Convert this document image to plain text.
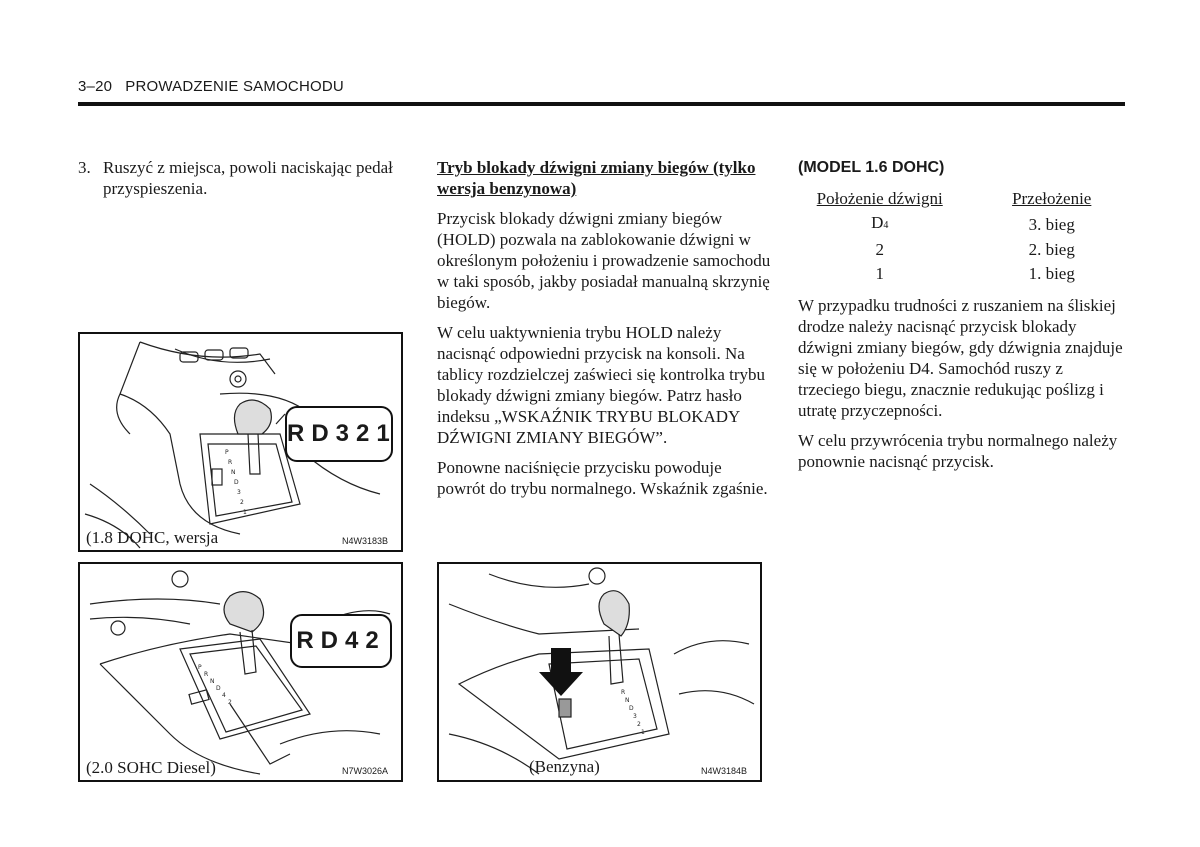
3–20 PROWADZENIE SAMOCHODU
3. Ruszyć z miejsca, powoli naciskając pedał przyspieszenia.

Tryb blokady dźwigni zmiany biegów (tylko wersja benzynowa)

Przycisk blokady dźwigni zmiany biegów (HOLD) pozwala na zablokowanie dźwigni w określonym położeniu i prowadzenie samochodu w taki sposób, jakby posiadał manualną skrzynię biegów.

W celu uaktywnienia trybu HOLD należy nacisnąć odpowiedni przycisk na konsoli. Na tablicy rozdzielczej zaświeci się kontrolka trybu blokady dźwigni zmiany biegów. Patrz hasło indeksu „WSKAŹNIK TRYBU BLOKADY DŹWIGNI ZMIANY BIEGÓW”.

Ponowne naciśnięcie przycisku powoduje powrót do trybu normalnego. Wskaźnik zgaśnie.

(MODEL 1.6 DOHC)
Położenie dźwigni	Przełożenie
D4	3. bieg
2	2. bieg
1	1. bieg

W przypadku trudności z ruszaniem na śliskiej drodze należy nacisnąć przycisk blokady dźwigni zmiany biegów, gdy dźwignia znajduje się w położeniu D4. Samochód ruszy z trzeciego biegu, znacznie redukując poślizg i utratę przyczepności.

W celu przywrócenia trybu normalnego należy ponownie nacisnąć przycisk.

P
R
N
D
3
2
1
RD321
(1.8 DOHC, wersja	N4W3183B
P
R
N
D
4
2
RD42
(2.0 SOHC Diesel)	N7W3026A
R
N
D
3
2
1
(Benzyna)	N4W3184B
